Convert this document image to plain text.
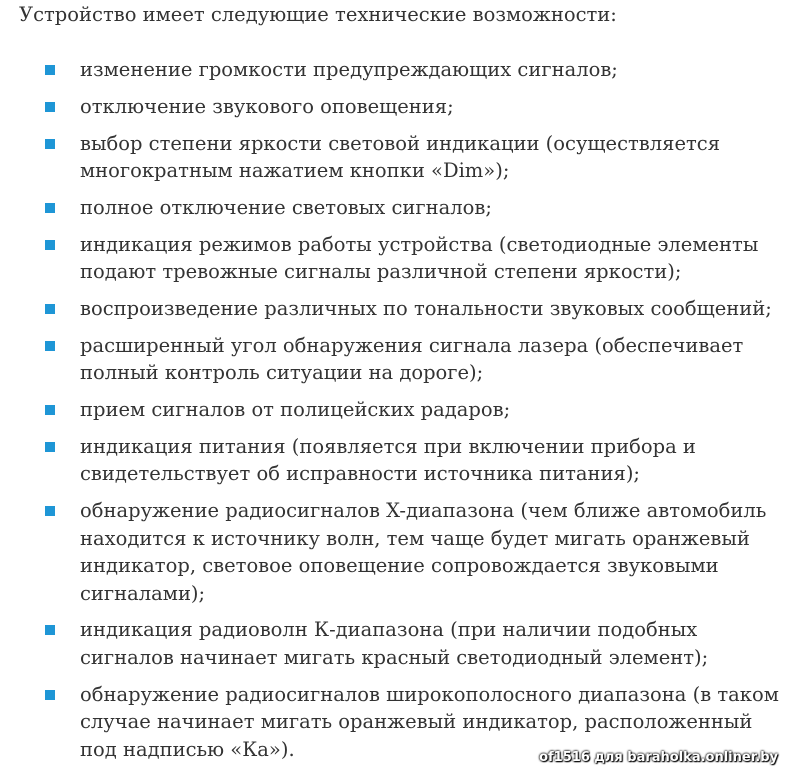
Устройство имеет следующие технические возможности:

изменение громкости предупреждающих сигналов;
отключение звукового оповещения;
выбор степени яркости световой индикации (осуществляется многократным нажатием кнопки «Dim»);
полное отключение световых сигналов;
индикация режимов работы устройства (светодиодные элементы подают тревожные сигналы различной степени яркости);
воспроизведение различных по тональности звуковых сообщений;
расширенный угол обнаружения сигнала лазера (обеспечивает полный контроль ситуации на дороге);
прием сигналов от полицейских радаров;
индикация питания (появляется при включении прибора и свидетельствует об исправности источника питания);
обнаружение радиосигналов X-диапазона (чем ближе автомобиль находится к источнику волн, тем чаще будет мигать оранжевый индикатор, световое оповещение сопровождается звуковыми сигналами);
индикация радиоволн К-диапазона (при наличии подобных сигналов начинает мигать красный светодиодный элемент);
обнаружение радиосигналов широкополосного диапазона (в таком случае начинает мигать оранжевый индикатор, расположенный под надписью «Ка»).	of1516 для baraholka.onliner.by
